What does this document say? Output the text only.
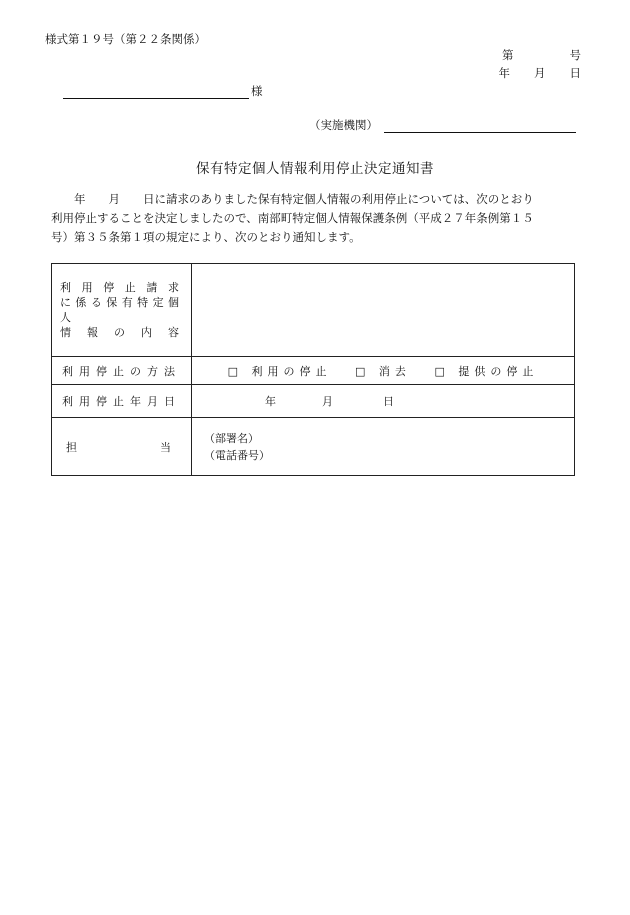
様式第１９号（第２２条関係）
第	号
年 月 日
様
（実施機関）
保有特定個人情報利用停止決定通知書
　　年　　月　　日に請求のありました保有特定個人情報の利用停止については、次のとおり
利用停止することを決定しましたので、南部町特定個人情報保護条例（平成２７年条例第１５
号）第３５条第１項の規定により、次のとおり通知します。
利用停止請求
に係る保有特定個人
情報の内容	

利用停止の方法	□ 利用の停止 □ 消去 □ 提供の停止

利用停止年月日	年 月 日

担当	（部署名）
（電話番号）
